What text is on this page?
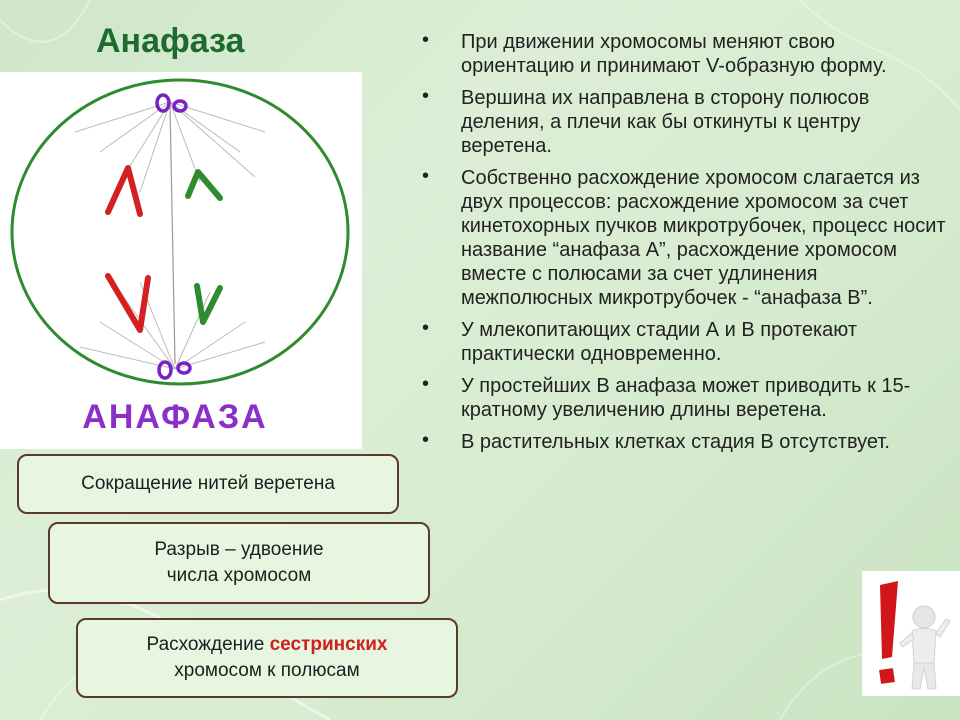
Анафаза
АНАФАЗА
Сокращение нитей веретена
Разрыв – удвоение
числа хромосом
Расхождение сестринских
хромосом к полюсам
• При движении хромосомы меняют свою ориентацию и принимают V-образную форму.
• Вершина их направлена в сторону полюсов деления, а плечи как бы откинуты к центру веретена.
• Собственно расхождение хромосом слагается из двух процессов: расхождение хромосом за счет кинетохорных пучков микротрубочек, процесс носит название “анафаза А”, расхождение хромосом вместе с полюсами за счет удлинения межполюсных микротрубочек - “анафаза В”.
• У млекопитающих стадии А и В протекают практически одновременно.
• У простейших В анафаза может приводить к 15-кратному увеличению длины веретена.
• В растительных клетках стадия В отсутствует.
